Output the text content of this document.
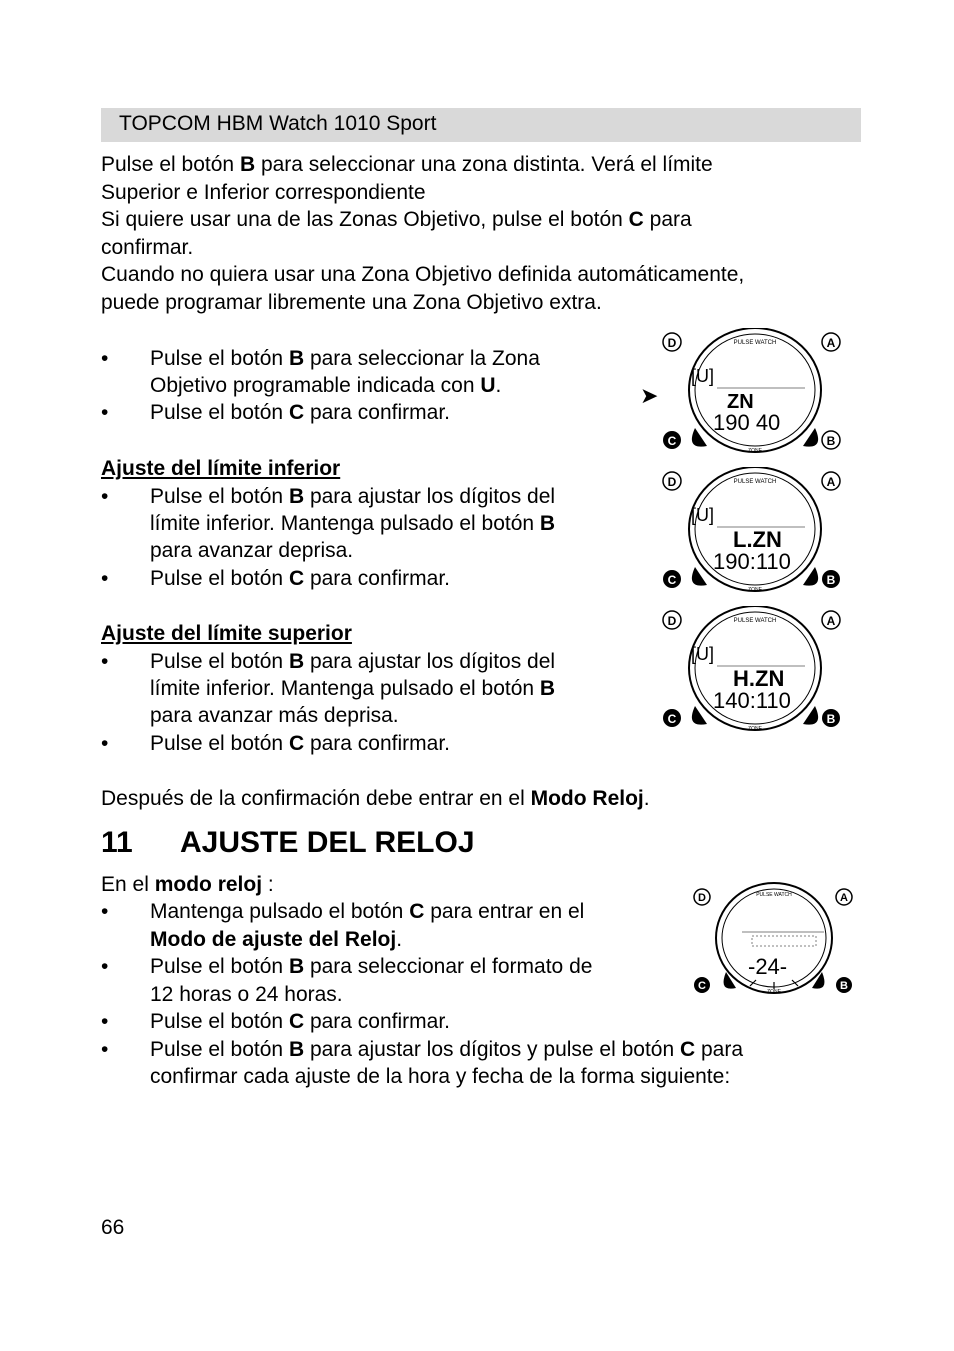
TOPCOM HBM Watch 1010 Sport

Pulse el botón B para seleccionar una zona distinta. Verá el límite

Superior e Inferior correspondiente

Si quiere usar una de las Zonas Objetivo, pulse el botón C para

confirmar.

Cuando no quiera usar una Zona Objetivo definida automáticamente,

puede programar libremente una Zona Objetivo extra.

• Pulse el botón B para seleccionar la Zona
Objetivo programable indicada con U.
• Pulse el botón C para confirmar.
Ajuste del límite inferior
• Pulse el botón B para ajustar los dígitos del
límite inferior. Mantenga pulsado el botón B
para avanzar deprisa.
• Pulse el botón C para confirmar.
Ajuste del límite superior
• Pulse el botón B para ajustar los dígitos del
límite inferior. Mantenga pulsado el botón B
para avanzar más deprisa.
• Pulse el botón C para confirmar.
Después de la confirmación debe entrar en el Modo Reloj.
11 AJUSTE DEL RELOJ
En el modo reloj :
• Mantenga pulsado el botón C para entrar en el
Modo de ajuste del Reloj.
• Pulse el botón B para seleccionar el formato de
12 horas o 24 horas.
• Pulse el botón C para confirmar.
• Pulse el botón B para ajustar los dígitos y pulse el botón C para
confirmar cada ajuste de la hora y fecha de la forma siguiente:
66
➤
PULSE WATCH
ZONE
[U]
ZN
190 40
D	A
C	B
PULSE WATCH
ZONE
[U]
L.ZN
190:110
D	A
C	B
PULSE WATCH
ZONE
[U]
H.ZN
140:110
D	A
C	B
PULSE WATCH
ZONE
-24-
D	A
C	B
